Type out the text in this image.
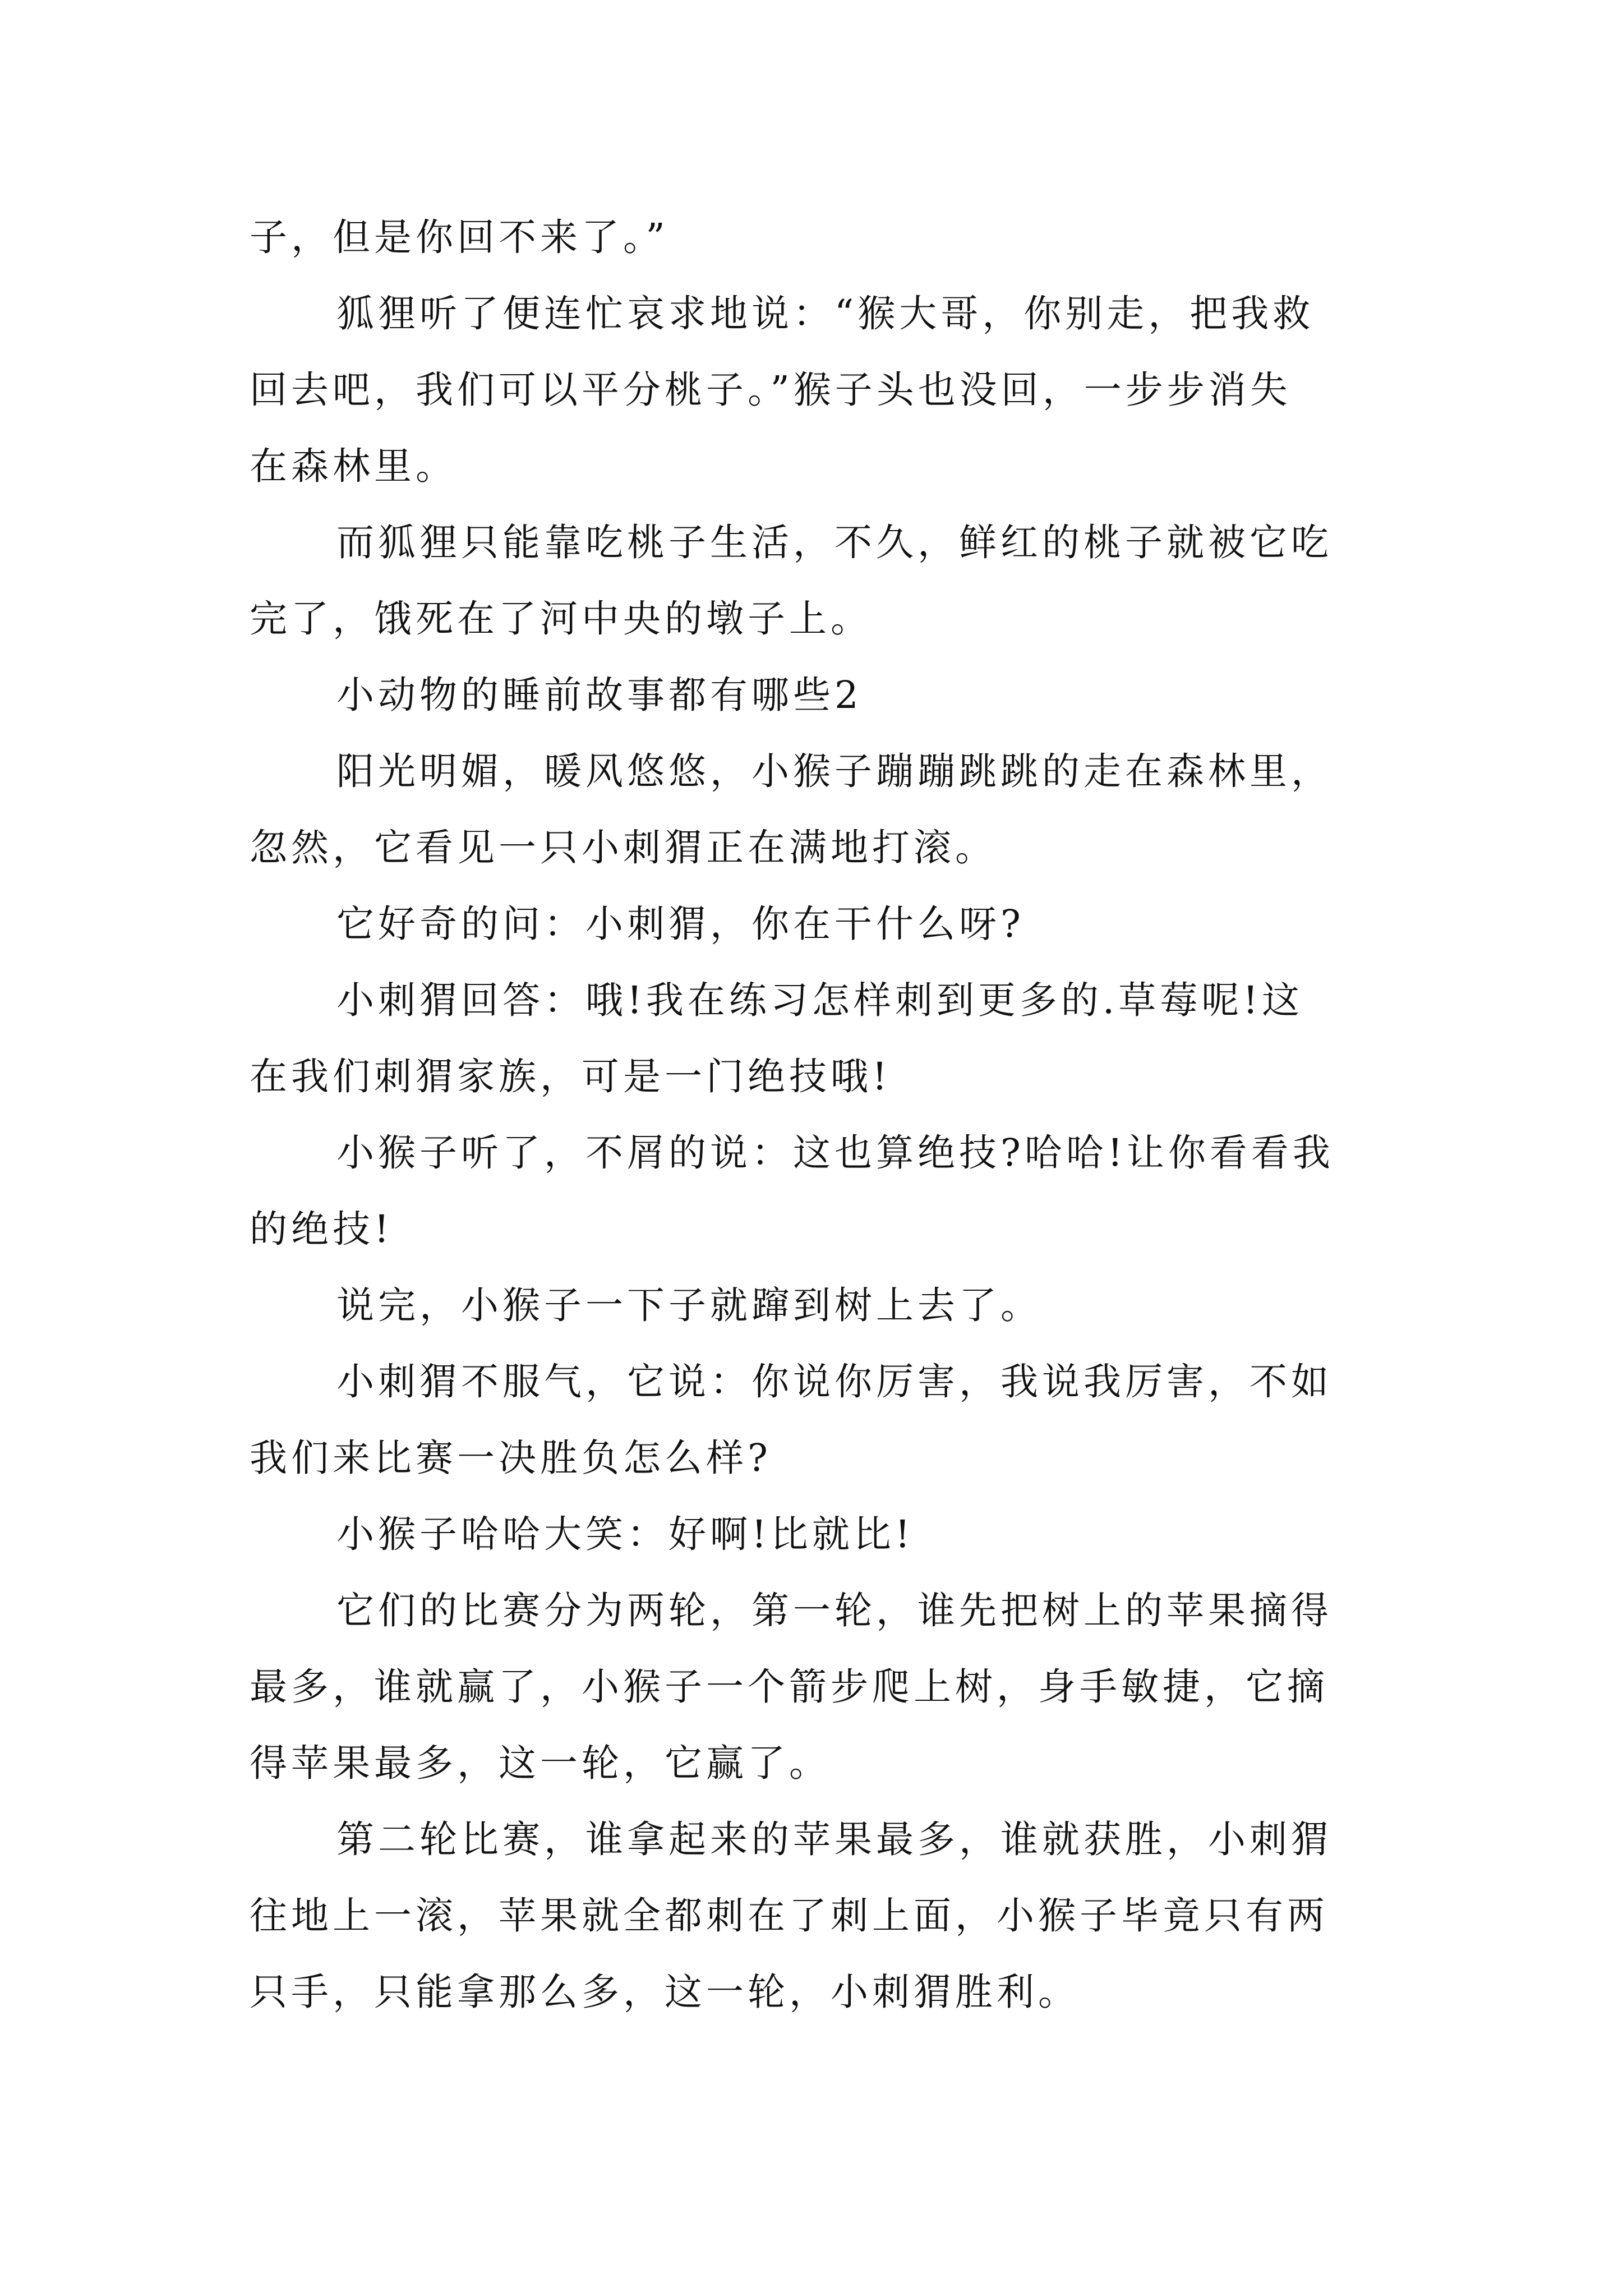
子，但是你回不来了。”
狐狸听了便连忙哀求地说：“猴大哥，你别走，把我救
回去吧，我们可以平分桃子。”猴子头也没回，一步步消失
在森林里。
而狐狸只能靠吃桃子生活，不久，鲜红的桃子就被它吃
完了，饿死在了河中央的墩子上。
小动物的睡前故事都有哪些2
阳光明媚，暖风悠悠，小猴子蹦蹦跳跳的走在森林里，
忽然，它看见一只小刺猬正在满地打滚。
它好奇的问：小刺猬，你在干什么呀?
小刺猬回答：哦!我在练习怎样刺到更多的.草莓呢!这
在我们刺猬家族，可是一门绝技哦!
小猴子听了，不屑的说：这也算绝技?哈哈!让你看看我
的绝技!
说完，小猴子一下子就蹿到树上去了。
小刺猬不服气，它说：你说你厉害，我说我厉害，不如
我们来比赛一决胜负怎么样?
小猴子哈哈大笑：好啊!比就比!
它们的比赛分为两轮，第一轮，谁先把树上的苹果摘得
最多，谁就赢了，小猴子一个箭步爬上树，身手敏捷，它摘
得苹果最多，这一轮，它赢了。
第二轮比赛，谁拿起来的苹果最多，谁就获胜，小刺猬
往地上一滚，苹果就全都刺在了刺上面，小猴子毕竟只有两
只手，只能拿那么多，这一轮，小刺猬胜利。
